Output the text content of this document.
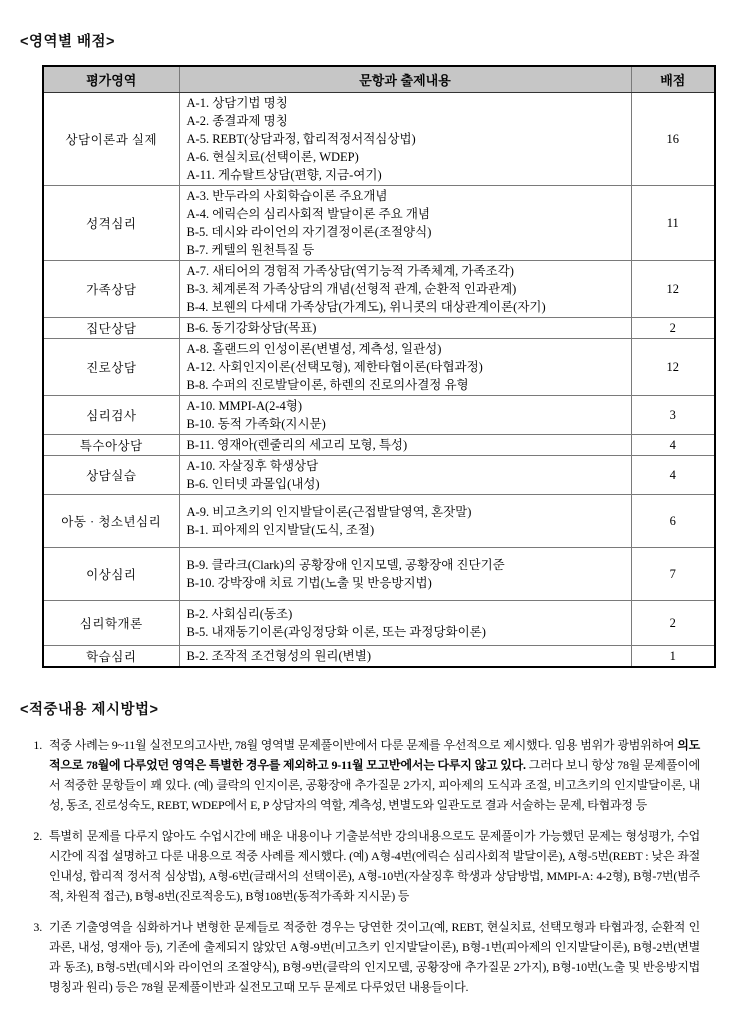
<영역별 배점>
평가영역	문항과 출제내용	배점
상담이론과 실제	A-1. 상담기법 명칭
A-2. 종결과제 명칭
A-5. REBT(상담과정, 합리적정서적심상법)
A-6. 현실치료(선택이론, WDEP)
A-11. 게슈탈트상담(편향, 지금-여기)	16
성격심리	A-3. 반두라의 사회학습이론 주요개념
A-4. 에릭슨의 심리사회적 발달이론 주요 개념
B-5. 데시와 라이언의 자기결정이론(조절양식)
B-7. 케텔의 원천특질 등	11
가족상담	A-7. 새티어의 경험적 가족상담(역기능적 가족체계, 가족조각)
B-3. 체계론적 가족상담의 개념(선형적 관계, 순환적 인과관계)
B-4. 보웬의 다세대 가족상담(가계도), 위니콧의 대상관계이론(자기)	12
집단상담	B-6. 동기강화상담(목표)	2
진로상담	A-8. 홀랜드의 인성이론(변별성, 계측성, 일관성)
A-12. 사회인지이론(선택모형), 제한타협이론(타협과정)
B-8. 수퍼의 진로발달이론, 하렌의 진로의사결정 유형	12
심리검사	A-10. MMPI-A(2-4형)
B-10. 동적 가족화(지시문)	3
특수아상담	B-11. 영재아(렌줄리의 세고리 모형, 특성)	4
상담실습	A-10. 자살징후 학생상담
B-6. 인터넷 과몰입(내성)	4
아동 · 청소년심리	A-9. 비고츠키의 인지발달이론(근접발달영역, 혼잣말)
B-1. 피아제의 인지발달(도식, 조절)	6
이상심리	B-9. 클라크(Clark)의 공황장애 인지모델, 공황장애 진단기준
B-10. 강박장애 치료 기법(노출 및 반응방지법)	7
심리학개론	B-2. 사회심리(동조)
B-5. 내재동기이론(과잉정당화 이론, 또는 과정당화이론)	2
학습심리	B-2. 조작적 조건형성의 원리(변별)	1
<적중내용 제시방법>
1. 적중 사례는 9~11월 실전모의고사반, 78월 영역별 문제풀이반에서 다룬 문제를 우선적으로 제시했다. 임용 범위가 광범위하여 의도적으로 78월에 다루었던 영역은 특별한 경우를 제외하고 9-11월 모고반에서는 다루지 않고 있다. 그러다 보니 항상 78월 문제풀이에서 적중한 문항들이 꽤 있다. (예) 클락의 인지이론, 공황장애 추가질문 2가지, 피아제의 도식과 조절, 비고츠키의 인지발달이론, 내성, 동조, 진로성숙도, REBT, WDEP에서 E, P 상담자의 역할, 계측성, 변별도와 일관도로 결과 서술하는 문제, 타협과정 등
2. 특별히 문제를 다루지 않아도 수업시간에 배운 내용이나 기출분석반 강의내용으로도 문제풀이가 가능했던 문제는 형성평가, 수업시간에 직접 설명하고 다룬 내용으로 적중 사례를 제시했다. (예) A형-4번(에릭슨 심리사회적 발달이론), A형-5번(REBT : 낮은 좌절 인내성, 합리적 정서적 심상법), A형-6번(글래서의 선택이론), A형-10번(자살징후 학생과 상담방법, MMPI-A: 4-2형), B형-7번(범주적, 차원적 접근), B형-8번(진로적응도), B형108번(동적가족화 지시문) 등
3. 기존 기출영역을 심화하거나 변형한 문제들로 적중한 경우는 당연한 것이고(예, REBT, 현실치료, 선택모형과 타협과정, 순환적 인과론, 내성, 영재아 등), 기존에 출제되지 않았던 A형-9번(비고츠키 인지발달이론), B형-1번(피아제의 인지발달이론), B형-2번(변별과 동조), B형-5번(데시와 라이언의 조절양식), B형-9번(클락의 인지모델, 공황장애 추가질문 2가지), B형-10번(노출 및 반응방지법 명칭과 원리) 등은 78월 문제풀이반과 실전모고때 모두 문제로 다루었던 내용들이다.
